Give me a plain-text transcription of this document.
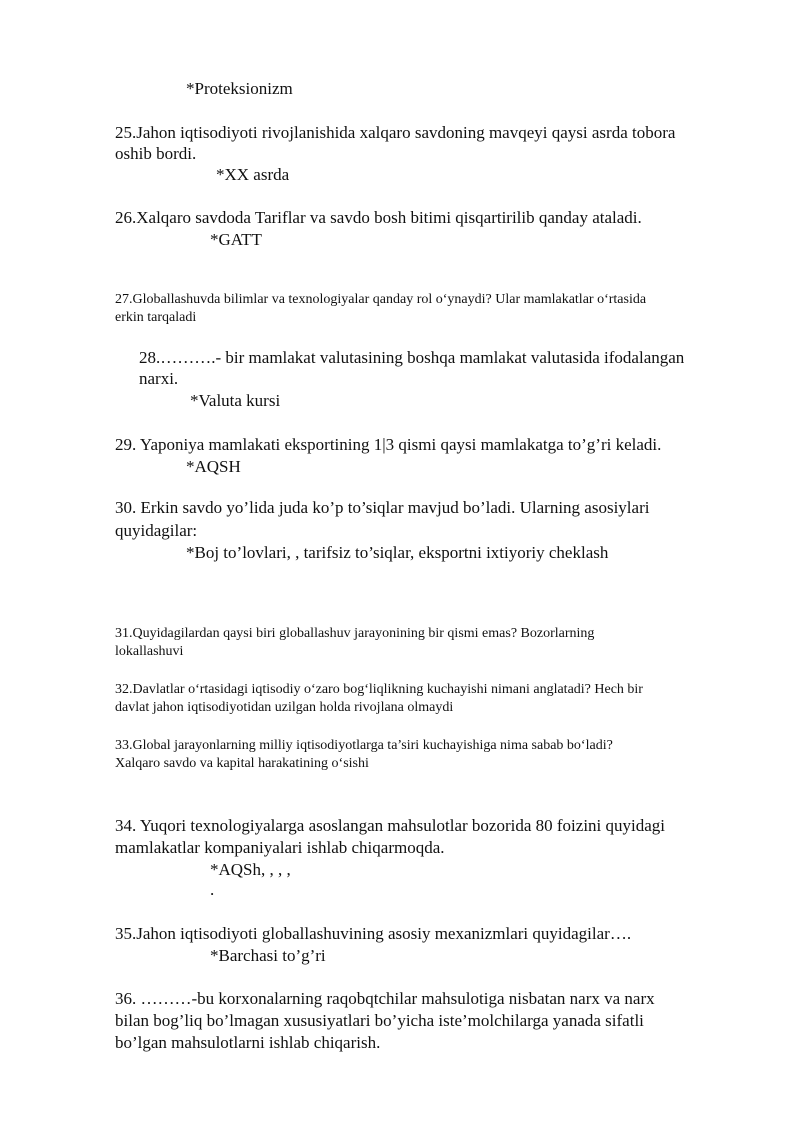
*Proteksionizm
25.Jahon iqtisodiyoti rivojlanishida xalqaro savdoning mavqeyi qaysi asrda tobora
oshib bordi.
*XX asrda
26.Xalqaro savdoda Tariflar va savdo bosh bitimi qisqartirilib qanday ataladi.
*GATT
27.Globallashuvda bilimlar va texnologiyalar qanday rol o‘ynaydi? Ular mamlakatlar o‘rtasida
erkin tarqaladi
28.……….- bir mamlakat valutasining boshqa mamlakat valutasida ifodalangan
narxi.
*Valuta kursi
29. Yaponiya mamlakati eksportining 1|3 qismi qaysi mamlakatga to’g’ri keladi.
*AQSH
30. Erkin savdo yo’lida juda ko’p to’siqlar mavjud bo’ladi. Ularning asosiylari
quyidagilar:
*Boj to’lovlari, , tarifsiz to’siqlar, eksportni ixtiyoriy cheklash
31.Quyidagilardan qaysi biri globallashuv jarayonining bir qismi emas? Bozorlarning
lokallashuvi
32.Davlatlar o‘rtasidagi iqtisodiy o‘zaro bog‘liqlikning kuchayishi nimani anglatadi? Hech bir
davlat jahon iqtisodiyotidan uzilgan holda rivojlana olmaydi
33.Global jarayonlarning milliy iqtisodiyotlarga ta’siri kuchayishiga nima sabab bo‘ladi?
Xalqaro savdo va kapital harakatining o‘sishi
34. Yuqori texnologiyalarga asoslangan mahsulotlar bozorida 80 foizini quyidagi
mamlakatlar kompaniyalari ishlab chiqarmoqda.
*AQSh, , , ,
.
35.Jahon iqtisodiyoti globallashuvining asosiy mexanizmlari quyidagilar….
*Barchasi to’g’ri
36. ………-bu korxonalarning raqobqtchilar mahsulotiga nisbatan narx va narx
bilan bog’liq bo’lmagan xususiyatlari bo’yicha iste’molchilarga yanada sifatli
bo’lgan mahsulotlarni ishlab chiqarish.
